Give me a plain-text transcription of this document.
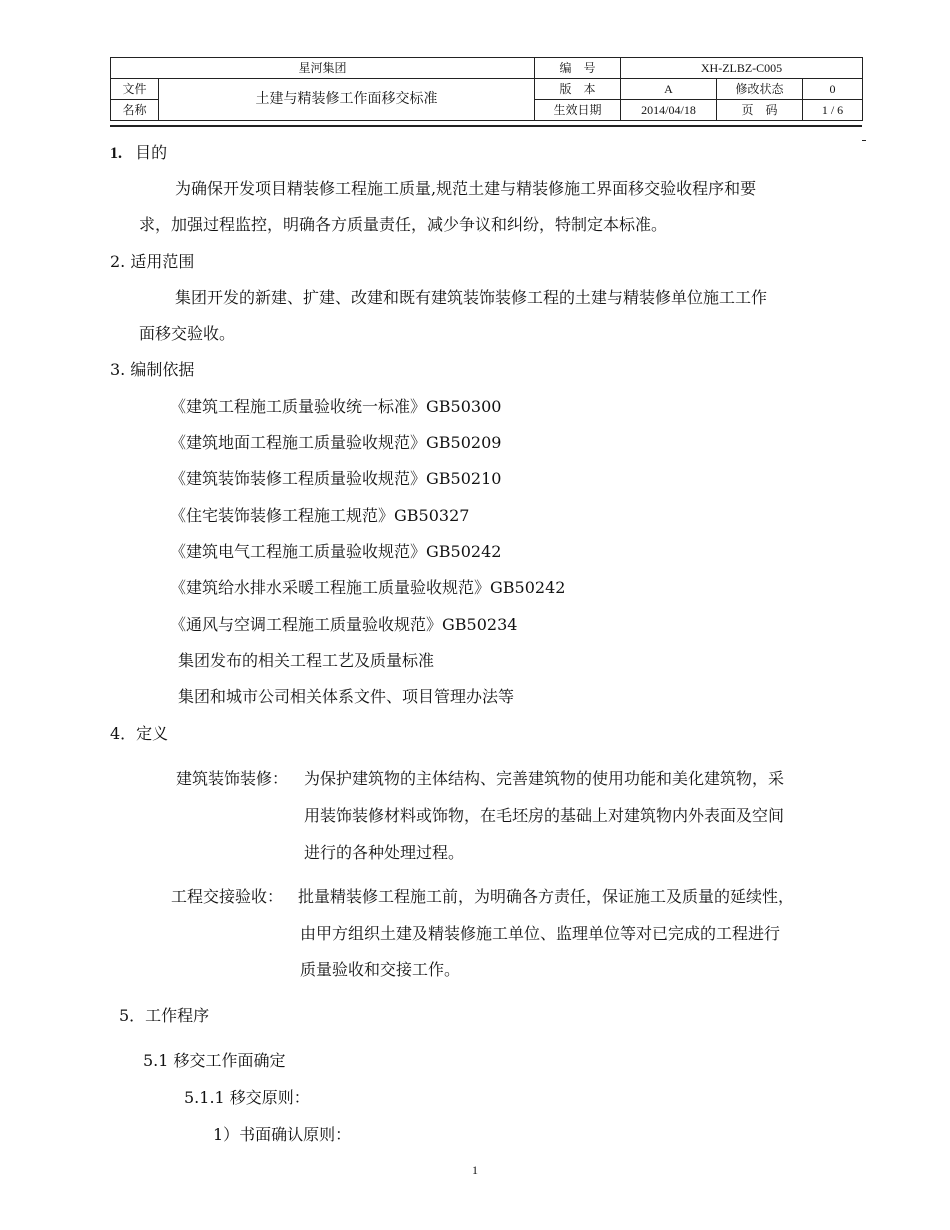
星河集团		编　号	XH-ZLBZ-C005		
文件	土建与精装修工作面移交标准	版　本	A	修改状态	0
名称		生效日期	2014/04/18	页　码	1 / 6
1. 目的
为确保开发项目精装修工程施工质量,规范土建与精装修施工界面移交验收程序和要
求，加强过程监控，明确各方质量责任，减少争议和纠纷，特制定本标准。
2. 适用范围
集团开发的新建、扩建、改建和既有建筑装饰装修工程的土建与精装修单位施工工作
面移交验收。
3. 编制依据
《建筑工程施工质量验收统一标准》GB50300
《建筑地面工程施工质量验收规范》GB50209
《建筑装饰装修工程质量验收规范》GB50210
《住宅装饰装修工程施工规范》GB50327
《建筑电气工程施工质量验收规范》GB50242
《建筑给水排水采暖工程施工质量验收规范》GB50242
《通风与空调工程施工质量验收规范》GB50234
集团发布的相关工程工艺及质量标准
集团和城市公司相关体系文件、项目管理办法等
4．定义
建筑装饰装修： 为保护建筑物的主体结构、完善建筑物的使用功能和美化建筑物，采
用装饰装修材料或饰物，在毛坯房的基础上对建筑物内外表面及空间
进行的各种处理过程。
工程交接验收： 批量精装修工程施工前，为明确各方责任，保证施工及质量的延续性，
由甲方组织土建及精装修施工单位、监理单位等对已完成的工程进行
质量验收和交接工作。
5．工作程序
5.1 移交工作面确定
5.1.1 移交原则：
1）书面确认原则：
1
